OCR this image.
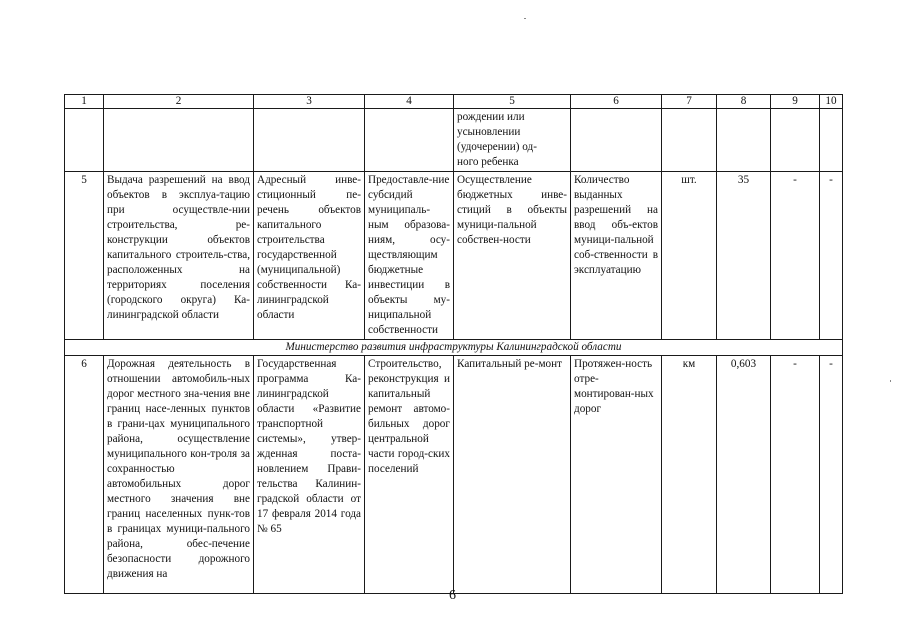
1	2	3	4	5	6	7	8	9	10
				рождении или
усыновлении
(удочерении) од-
ного ребенка					
5	Выдача разрешений на ввод объектов в эксплуа-тацию при осуществле-нии строительства, ре-конструкции объектов капитального строитель-ства, расположенных на территориях поселения (городского округа) Ка-лининградской области	Адресный инве-стиционный пе-речень объектов капитального строительства государственной (муниципальной) собственности Ка-лининградской области	Предоставле-ние субсидий муниципаль-ным образова-ниям, осу-ществляющим бюджетные инвестиции в объекты му-ниципальной собственности	Осуществление бюджетных инве-стиций в объекты муници-пальной собствен-ности	Количество выданных разрешений на ввод объ-ектов муници-пальной соб-ственности в эксплуатацию	шт.	35	-	-
Министерство развития инфраструктуры Калининградской области									
6	Дорожная деятельность в отношении автомобиль-ных дорог местного зна-чения вне границ насе-ленных пунктов в грани-цах муниципального района, осуществление муниципального кон-троля за сохранностью автомобильных дорог местного значения вне границ населенных пунк-тов в границах муници-пального района, обес-печение безопасности дорожного движения на	Государственная программа Ка-лининградской области «Развитие транспортной системы», утвер-жденная поста-новлением Прави-тельства Калинин-градской области от 17 февраля 2014 года № 65	Строительство, реконструкция и капитальный ремонт автомо-бильных дорог центральной части город-ских поселений	Капитальный ре-монт	Протяжен-ность отре-монтирован-ных дорог	км	0,603	-	-
6
